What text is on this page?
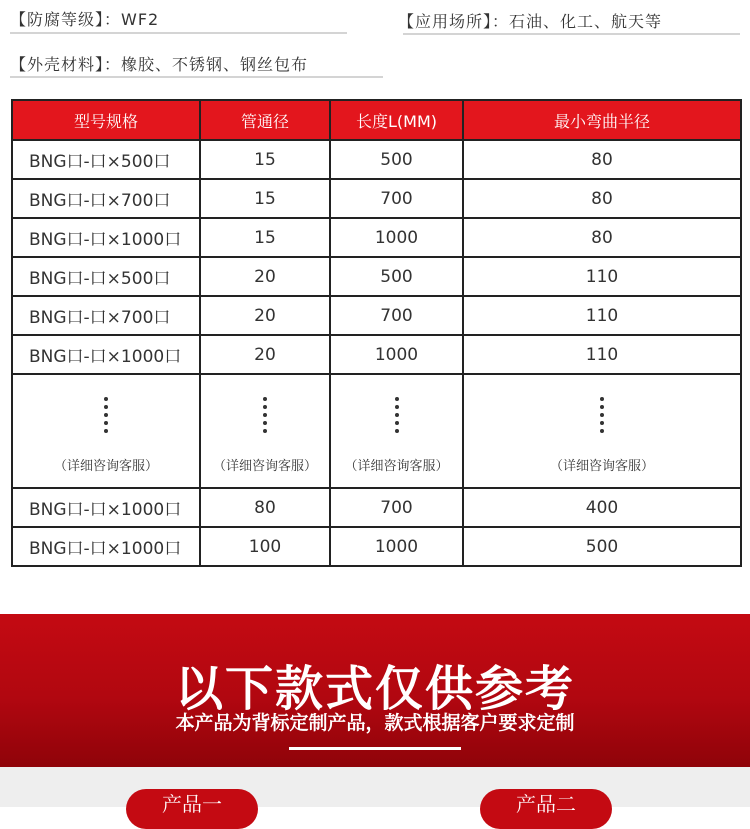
【防腐等级】：WF2	【应用场所】：石油、化工、航天等
【外壳材料】：橡胶、不锈钢、钢丝包布
型号规格	管通径	长度L(MM)	最小弯曲半径
BNG口-口×500口	15	500	80
BNG口-口×700口	15	700	80
BNG口-口×1000口	15	1000	80
BNG口-口×500口	20	500	110
BNG口-口×700口	20	700	110
BNG口-口×1000口	20	1000	110

（详细咨询客服）	（详细咨询客服）	（详细咨询客服）	（详细咨询客服）

BNG口-口×1000口	80	700	400
BNG口-口×1000口	100	1000	500
以下款式仅供参考
本产品为背标定制产品，款式根据客户要求定制
产品一	产品二
